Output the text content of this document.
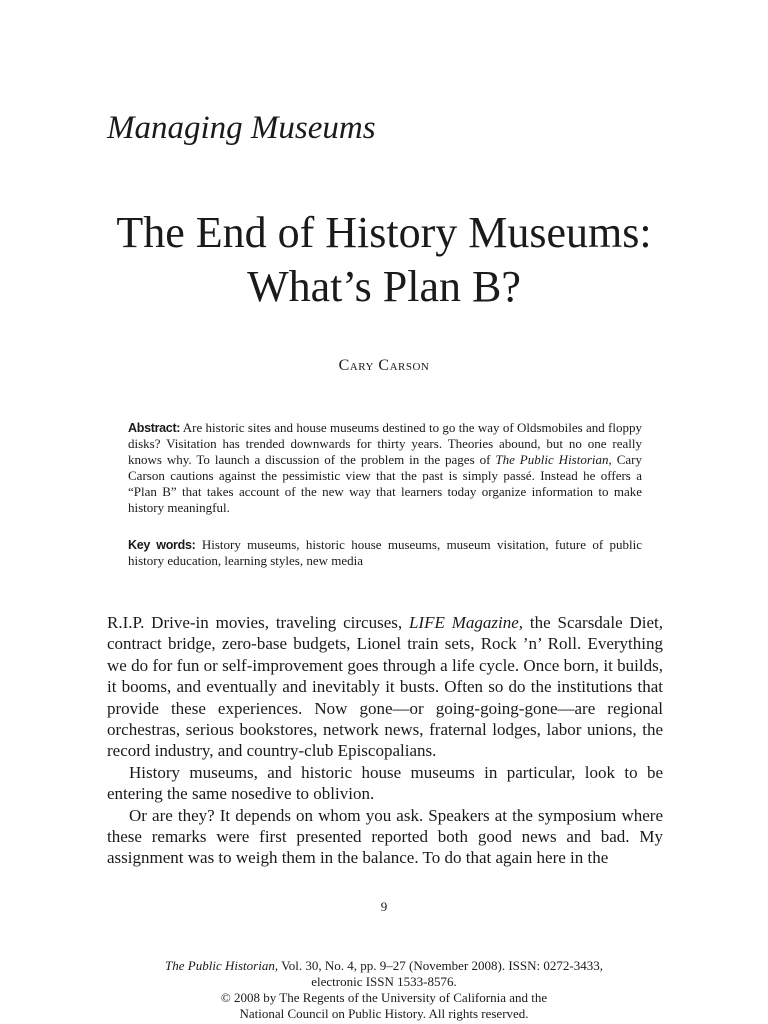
Managing Museums
The End of History Museums:
What’s Plan B?
Cary Carson
Abstract: Are historic sites and house museums destined to go the way of Oldsmobiles and floppy disks? Visitation has trended downwards for thirty years. Theories abound, but no one really knows why. To launch a discussion of the problem in the pages of The Public Historian, Cary Carson cautions against the pessimistic view that the past is simply passé. Instead he offers a “Plan B” that takes account of the new way that learners today organize information to make history meaningful.
Key words: History museums, historic house museums, museum visitation, future of public history education, learning styles, new media

R.I.P. Drive-in movies, traveling circuses, LIFE Magazine, the Scarsdale Diet, contract bridge, zero-base budgets, Lionel train sets, Rock ’n’ Roll. Everything we do for fun or self-improvement goes through a life cycle. Once born, it builds, it booms, and eventually and inevitably it busts. Often so do the institutions that provide these experiences. Now gone—or going-going-gone—are regional orchestras, serious bookstores, network news, fraternal lodges, labor unions, the record industry, and country-club Episcopalians.

History museums, and historic house museums in particular, look to be entering the same nosedive to oblivion.

Or are they? It depends on whom you ask. Speakers at the symposium where these remarks were first presented reported both good news and bad. My assignment was to weigh them in the balance. To do that again here in the

9
The Public Historian, Vol. 30, No. 4, pp. 9–27 (November 2008). ISSN: 0272-3433,
electronic ISSN 1533-8576.
© 2008 by The Regents of the University of California and the
National Council on Public History. All rights reserved.
